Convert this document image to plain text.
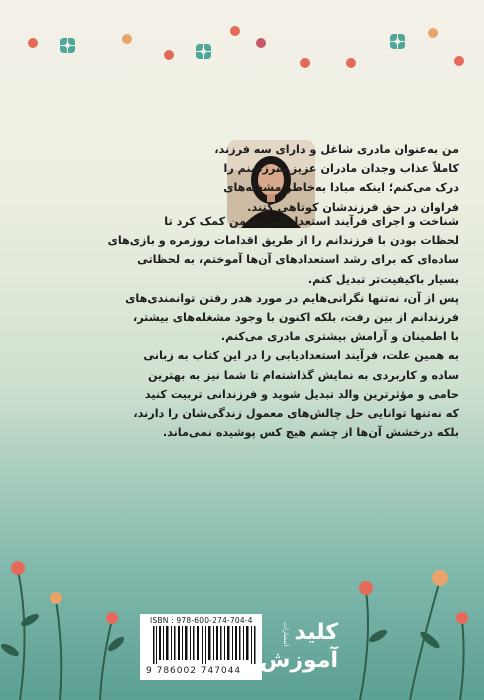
من به‌عنوان مادری شاغل و دارای سه فرزند،
کاملاً عذاب وجدان مادران عزیز سرزمینم را
درک می‌کنم؛ اینکه مبادا به‌خاطر مشغله‌های
فراوان در حق فرزندشان کوتاهی کنند.
شناخت و اجرای فرآیند استعدادیابی به من کمک کرد تا
لحظات بودن با فرزندانم را از طریق اقدامات روزمره و بازی‌های
ساده‌ای که برای رشد استعدادهای آن‌ها آموختم، به لحظاتی
بسیار باکیفیت‌تر تبدیل کنم.
پس از آن، نه‌تنها نگرانی‌هایم در مورد هدر رفتن توانمندی‌های
فرزندانم از بین رفت، بلکه اکنون با وجود مشغله‌های بیشتر،
با اطمینان و آرامش بیشتری مادری می‌کنم.
به همین علت، فرآیند استعدادیابی را در این کتاب به زبانی
ساده و کاربردی به نمایش گذاشته‌ام تا شما نیز به بهترین
حامی و مؤثرترین والد تبدیل شوید و فرزندانی تربیت کنید
که نه‌تنها توانایی حل چالش‌های معمول زندگی‌شان را دارند،
بلکه درخشش آن‌ها از چشم هیچ کس پوشیده نمی‌ماند.
ISBN : 978-600-274-704-4
9 786002 747044
انتشارات کلید
آموزش
